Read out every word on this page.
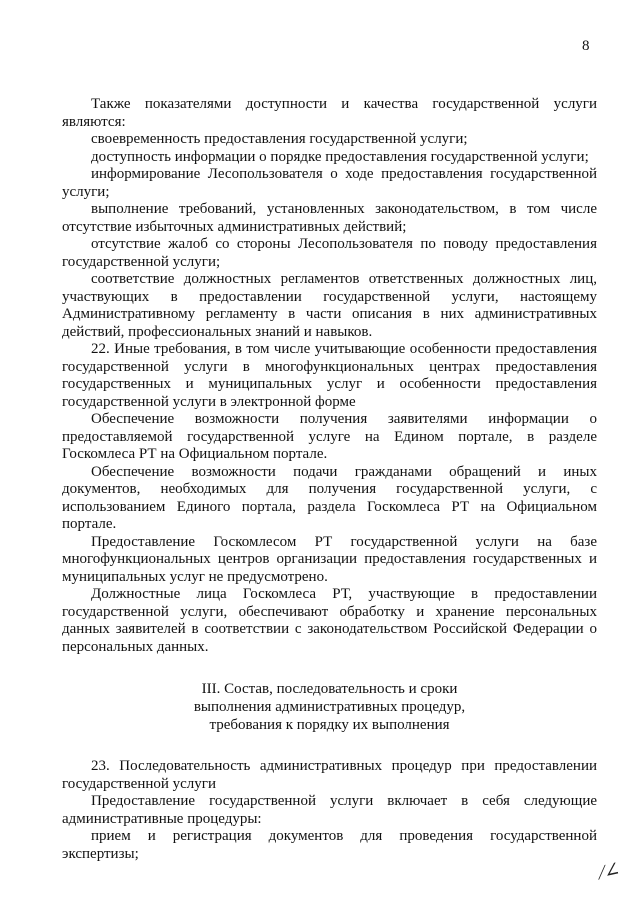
8

Также показателями доступности и качества государственной услуги являются:

своевременность предоставления государственной услуги;

доступность информации о порядке предоставления государственной услуги;

информирование Лесопользователя о ходе предоставления государственной услуги;

выполнение требований, установленных законодательством, в том числе отсутствие избыточных административных действий;

отсутствие жалоб со стороны Лесопользователя по поводу предоставления государственной услуги;

соответствие должностных регламентов ответственных должностных лиц, участвующих в предоставлении государственной услуги, настоящему Административному регламенту в части описания в них административных действий, профессиональных знаний и навыков.

22. Иные требования, в том числе учитывающие особенности предоставления государственной услуги в многофункциональных центрах предоставления государственных и муниципальных услуг и особенности предоставления государственной услуги в электронной форме

Обеспечение возможности получения заявителями информации о предоставляемой государственной услуге на Едином портале, в разделе Госкомлеса РТ на Официальном портале.

Обеспечение возможности подачи гражданами обращений и иных документов, необходимых для получения государственной услуги, с использованием Единого портала, раздела Госкомлеса РТ на Официальном портале.

Предоставление Госкомлесом РТ государственной услуги на базе многофункциональных центров организации предоставления государственных и муниципальных услуг не предусмотрено.

Должностные лица Госкомлеса РТ, участвующие в предоставлении государственной услуги, обеспечивают обработку и хранение персональных данных заявителей в соответствии с законодательством Российской Федерации о персональных данных.

III. Состав, последовательность и сроки
выполнения административных процедур,
требования к порядку их выполнения

23. Последовательность административных процедур при предоставлении государственной услуги

Предоставление государственной услуги включает в себя следующие административные процедуры:

прием и регистрация документов для проведения государственной экспертизы;

∕∠
